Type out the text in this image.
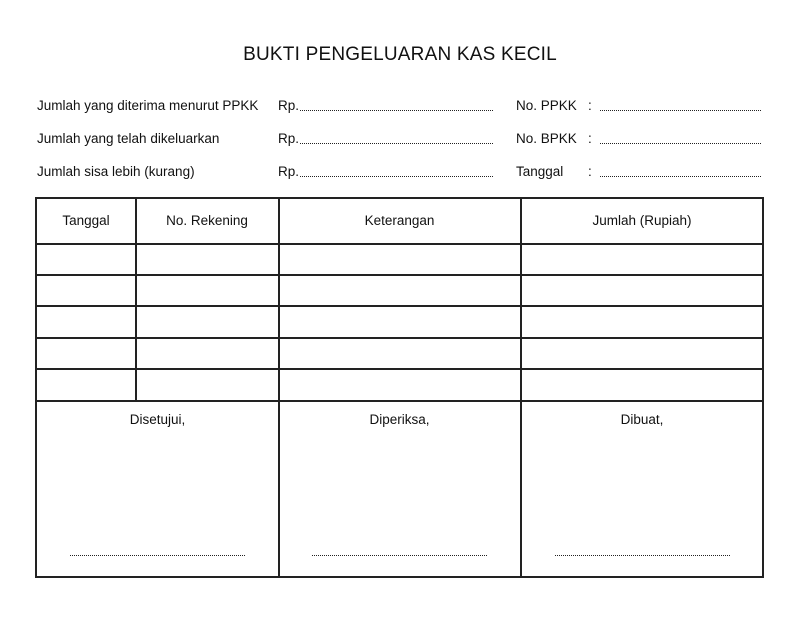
BUKTI PENGELUARAN KAS KECIL
Jumlah yang diterima menurut PPKK Rp.	No. PPKK :
Jumlah yang telah dikeluarkan	Rp.	No. BPKK :
Jumlah sisa lebih (kurang)	Rp.	Tanggal :
Tanggal	No. Rekening	Keterangan	Jumlah (Rupiah)
Disetujui,	Diperiksa,	Dibuat,
